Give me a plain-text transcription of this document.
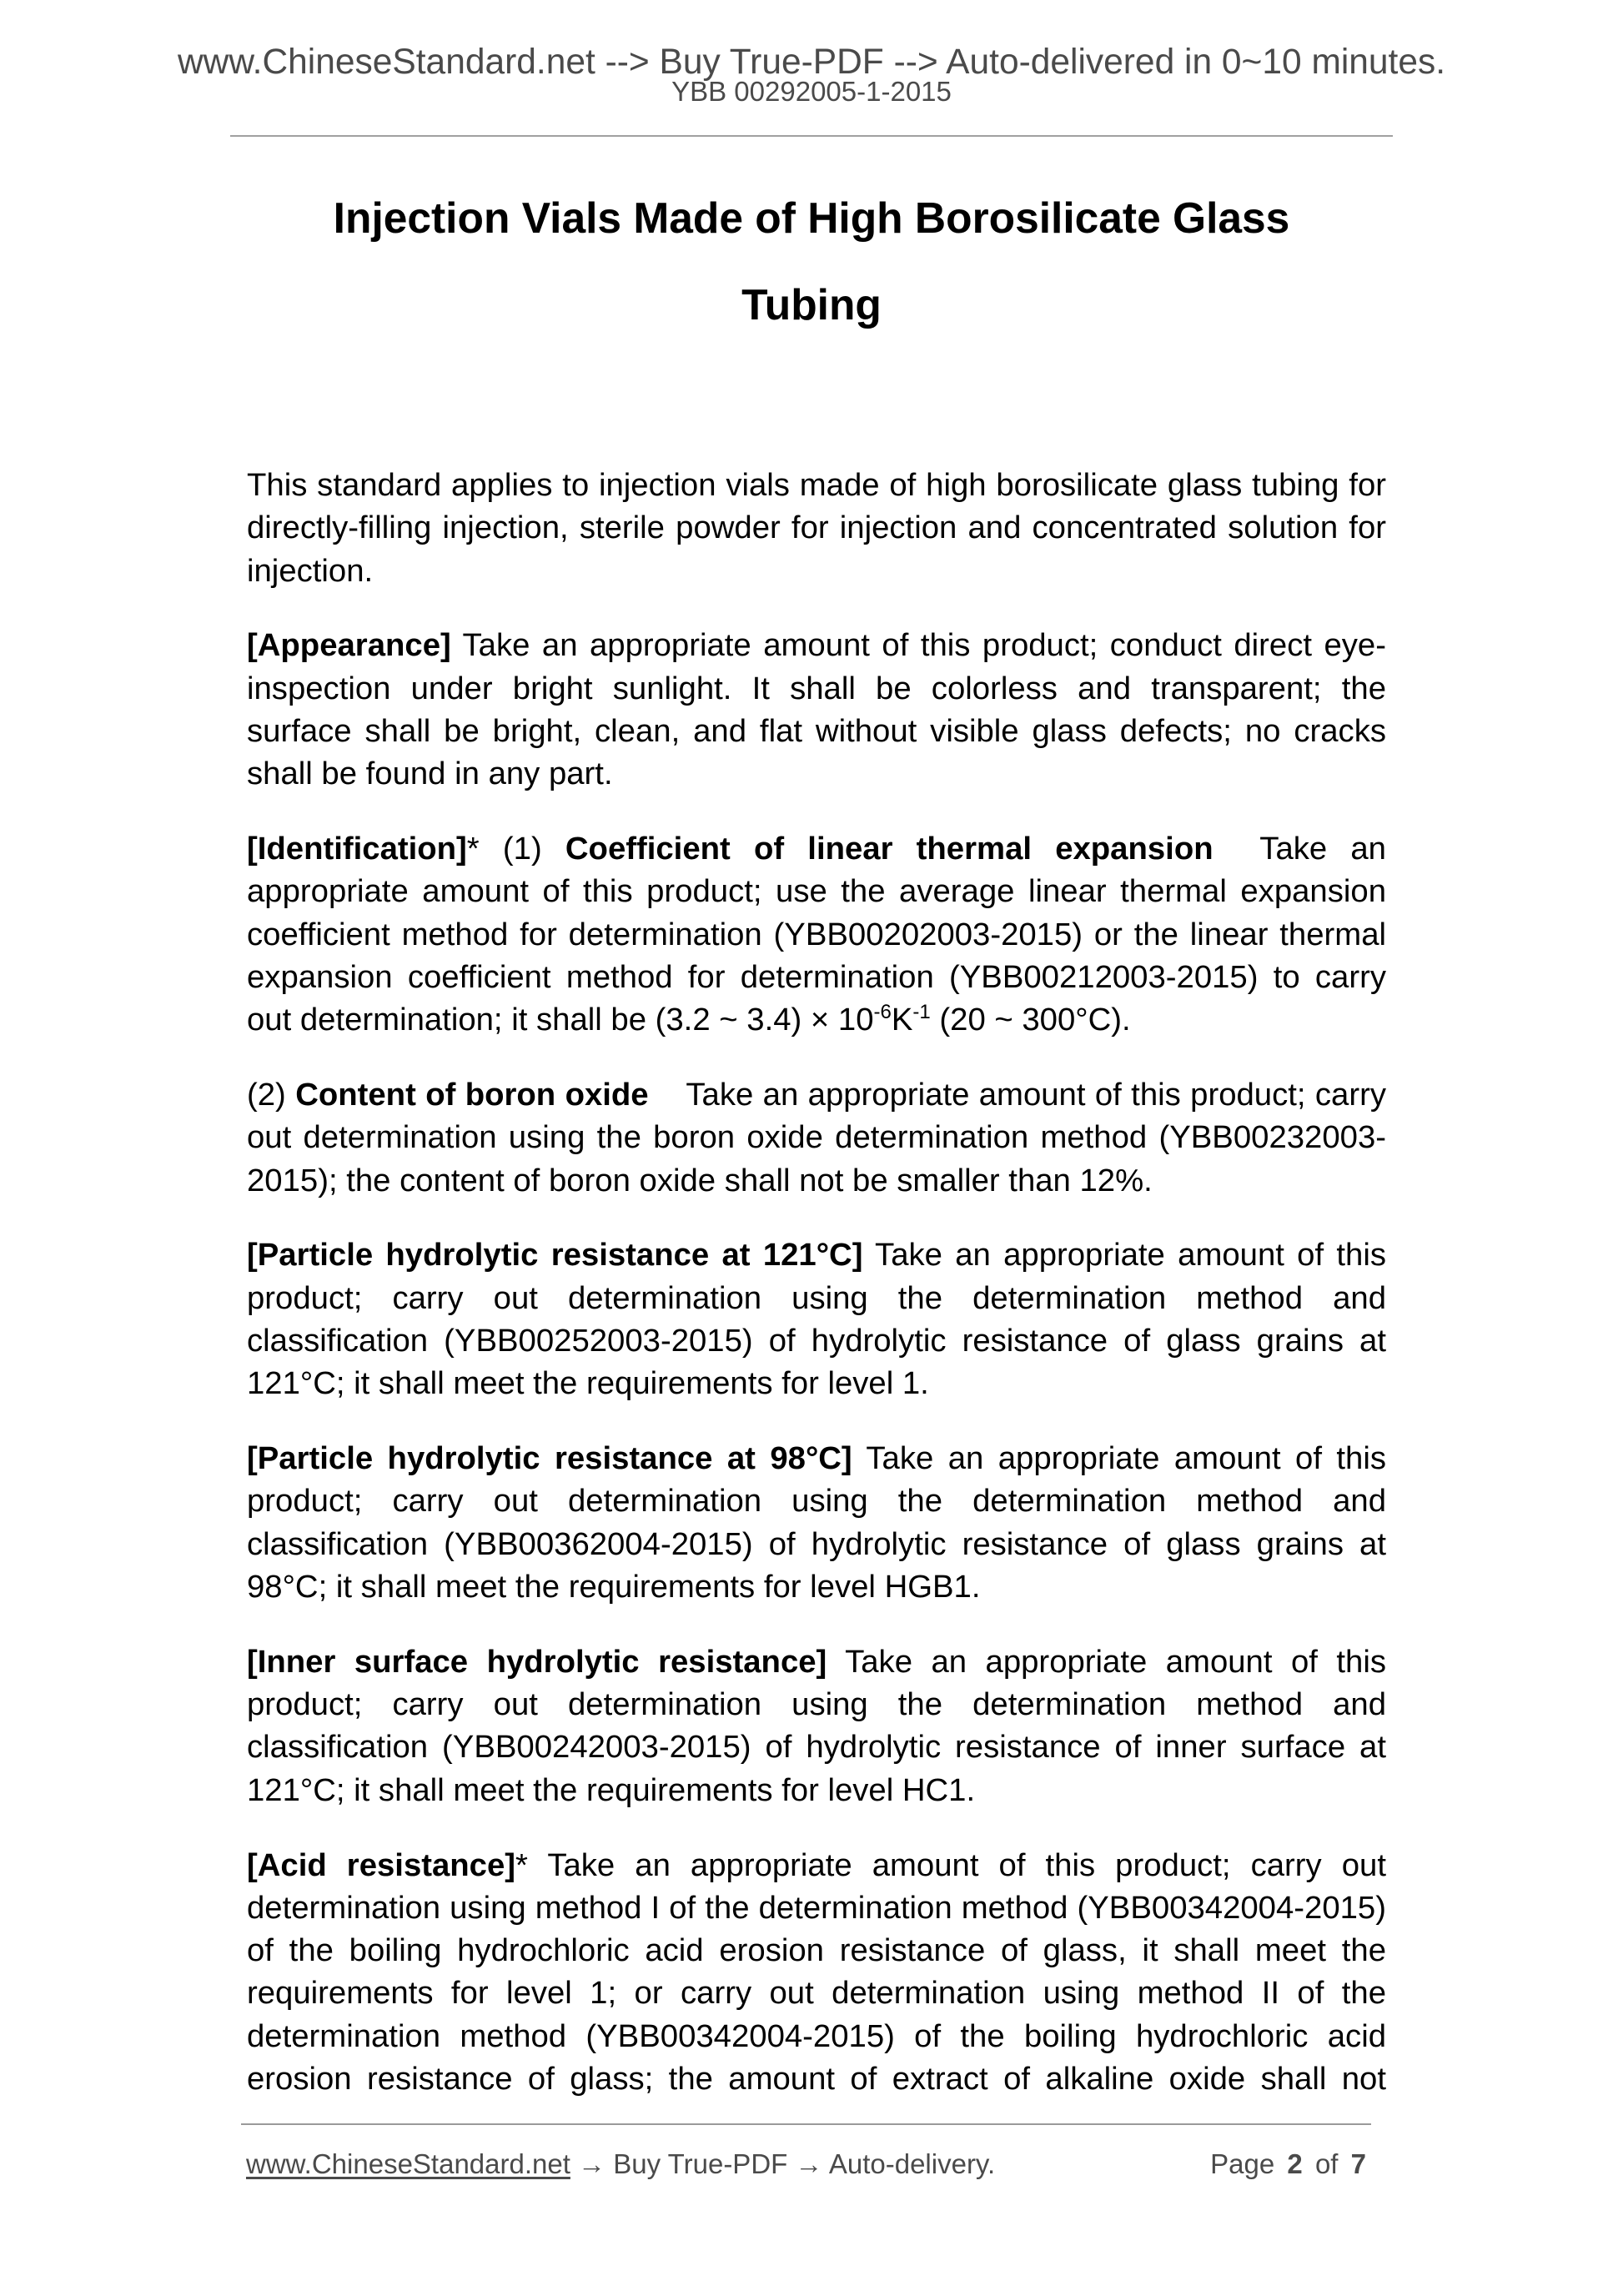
www.ChineseStandard.net --> Buy True-PDF --> Auto-delivered in 0~10 minutes.
YBB 00292005-1-2015
Injection Vials Made of High Borosilicate Glass
Tubing

This standard applies to injection vials made of high borosilicate glass tubing for directly-filling injection, sterile powder for injection and concentrated solution for injection.

[Appearance] Take an appropriate amount of this product; conduct direct eye-inspection under bright sunlight. It shall be colorless and transparent; the surface shall be bright, clean, and flat without visible glass defects; no cracks shall be found in any part.

[Identification]* (1) Coefficient of linear thermal expansion  Take an appropriate amount of this product; use the average linear thermal expansion coefficient method for determination (YBB00202003-2015) or the linear thermal expansion coefficient method for determination (YBB00212003-2015) to carry out determination; it shall be (3.2 ~ $3.4) \times 10^{-6}K^{-1}$ (20 ~ 300°C).

(2) Content of boron oxide    Take an appropriate amount of this product; carry out determination using the boron oxide determination method (YBB00232003-2015); the content of boron oxide shall not be smaller than 12%.

[Particle hydrolytic resistance at 121°C] Take an appropriate amount of this product; carry out determination using the determination method and classification (YBB00252003-2015) of hydrolytic resistance of glass grains at 121°C; it shall meet the requirements for level 1.

[Particle hydrolytic resistance at 98°C] Take an appropriate amount of this product; carry out determination using the determination method and classification (YBB00362004-2015) of hydrolytic resistance of glass grains at 98°C; it shall meet the requirements for level HGB1.

[Inner surface hydrolytic resistance] Take an appropriate amount of this product; carry out determination using the determination method and classification (YBB00242003-2015) of hydrolytic resistance of inner surface at 121°C; it shall meet the requirements for level HC1.

[Acid resistance]* Take an appropriate amount of this product; carry out determination using method I of the determination method (YBB00342004-2015) of the boiling hydrochloric acid erosion resistance of glass, it shall meet the requirements for level 1; or carry out determination using method II of the determination method (YBB00342004-2015) of the boiling hydrochloric acid erosion resistance of glass; the amount of extract of alkaline oxide shall not

www.ChineseStandard.net → Buy True-PDF → Auto-delivery.	Page 2 of 7
